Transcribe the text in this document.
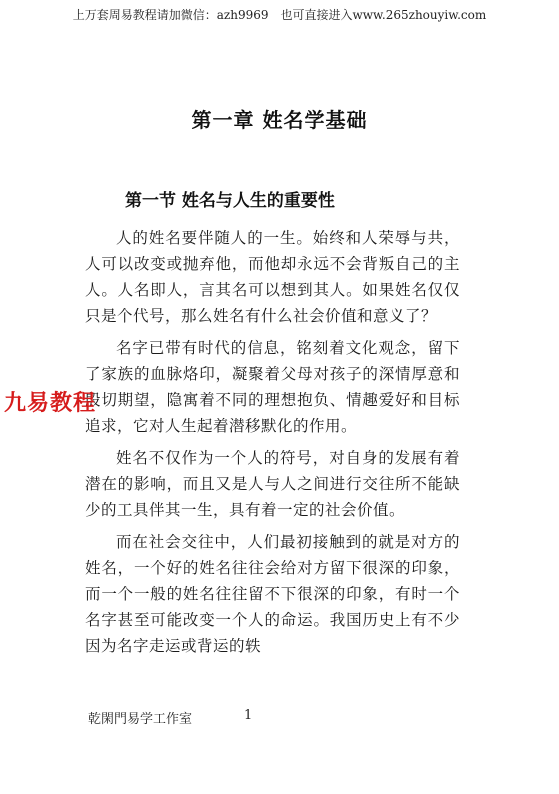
上万套周易教程请加微信：azh9969　也可直接进入www.265zhouyiw.com
第一章 姓名学基础
第一节 姓名与人生的重要性

人的姓名要伴随人的一生。始终和人荣辱与共，人可以改变或抛弃他，而他却永远不会背叛自己的主人。人名即人，言其名可以想到其人。如果姓名仅仅只是个代号，那么姓名有什么社会价值和意义了？

名字已带有时代的信息，铭刻着文化观念，留下了家族的血脉烙印，凝聚着父母对孩子的深情厚意和殷切期望，隐寓着不同的理想抱负、情趣爱好和目标追求，它对人生起着潜移默化的作用。

姓名不仅作为一个人的符号，对自身的发展有着潜在的影响，而且又是人与人之间进行交往所不能缺少的工具伴其一生，具有着一定的社会价值。

而在社会交往中，人们最初接触到的就是对方的姓名，一个好的姓名往往会给对方留下很深的印象，而一个一般的姓名往往留不下很深的印象，有时一个名字甚至可能改变一个人的命运。我国历史上有不少因为名字走运或背运的轶

九易教程
乾閑門易学工作室	1
